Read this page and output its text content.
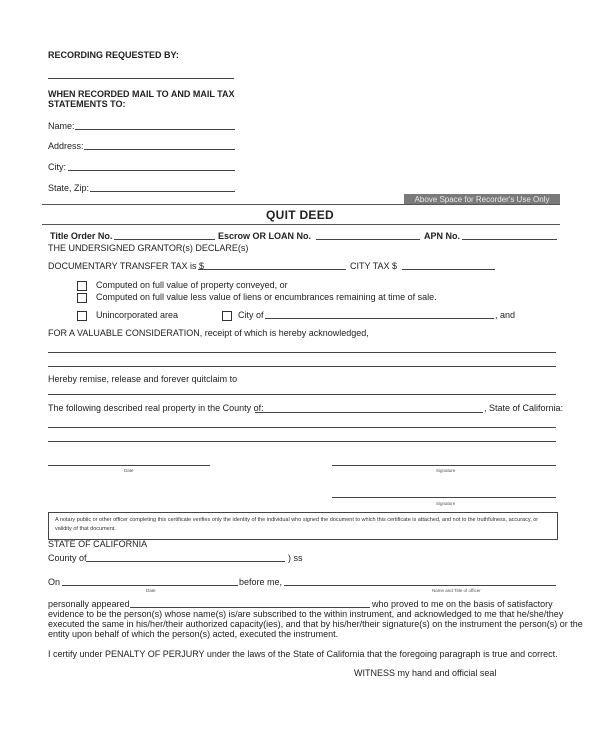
RECORDING REQUESTED BY:
WHEN RECORDED MAIL TO AND MAIL TAX
STATEMENTS TO:
Name:
Address:
City:
State, Zip:
Above Space for Recorder's Use Only
QUIT DEED
Title Order No.	Escrow OR LOAN No.	APN No.
THE UNDERSIGNED GRANTOR(s) DECLARE(s)
DOCUMENTARY TRANSFER TAX is $	CITY TAX $
Computed on full value of property conveyed, or
Computed on full value less value of liens or encumbrances remaining at time of sale.
Unincorporated area	City of	, and
FOR A VALUABLE CONSIDERATION, receipt of which is hereby acknowledged,
Hereby remise, release and forever quitclaim to
The following described real property in the County of:	, State of California:
Date	Signature
Signature
A notary public or other officer completing this certificate verifies only the identity of the individual who signed the document to which this certificate is attached, and not to the truthfulness, accuracy, or validity of that document.
STATE OF CALIFORNIA
County of	) ss
On
Date
before me,
Name and Title of officer
personally appeared	who proved to me on the basis of satisfactory
evidence to be the person(s) whose name(s) is/are subscribed to the within instrument, and acknowledged to me that he/she/they
executed the same in his/her/their authorized capacity(ies), and that by his/her/their signature(s) on the instrument the person(s) or the
entity upon behalf of which the person(s) acted, executed the instrument.
I certify under PENALTY OF PERJURY under the laws of the State of California that the foregoing paragraph is true and correct.
WITNESS my hand and official seal
